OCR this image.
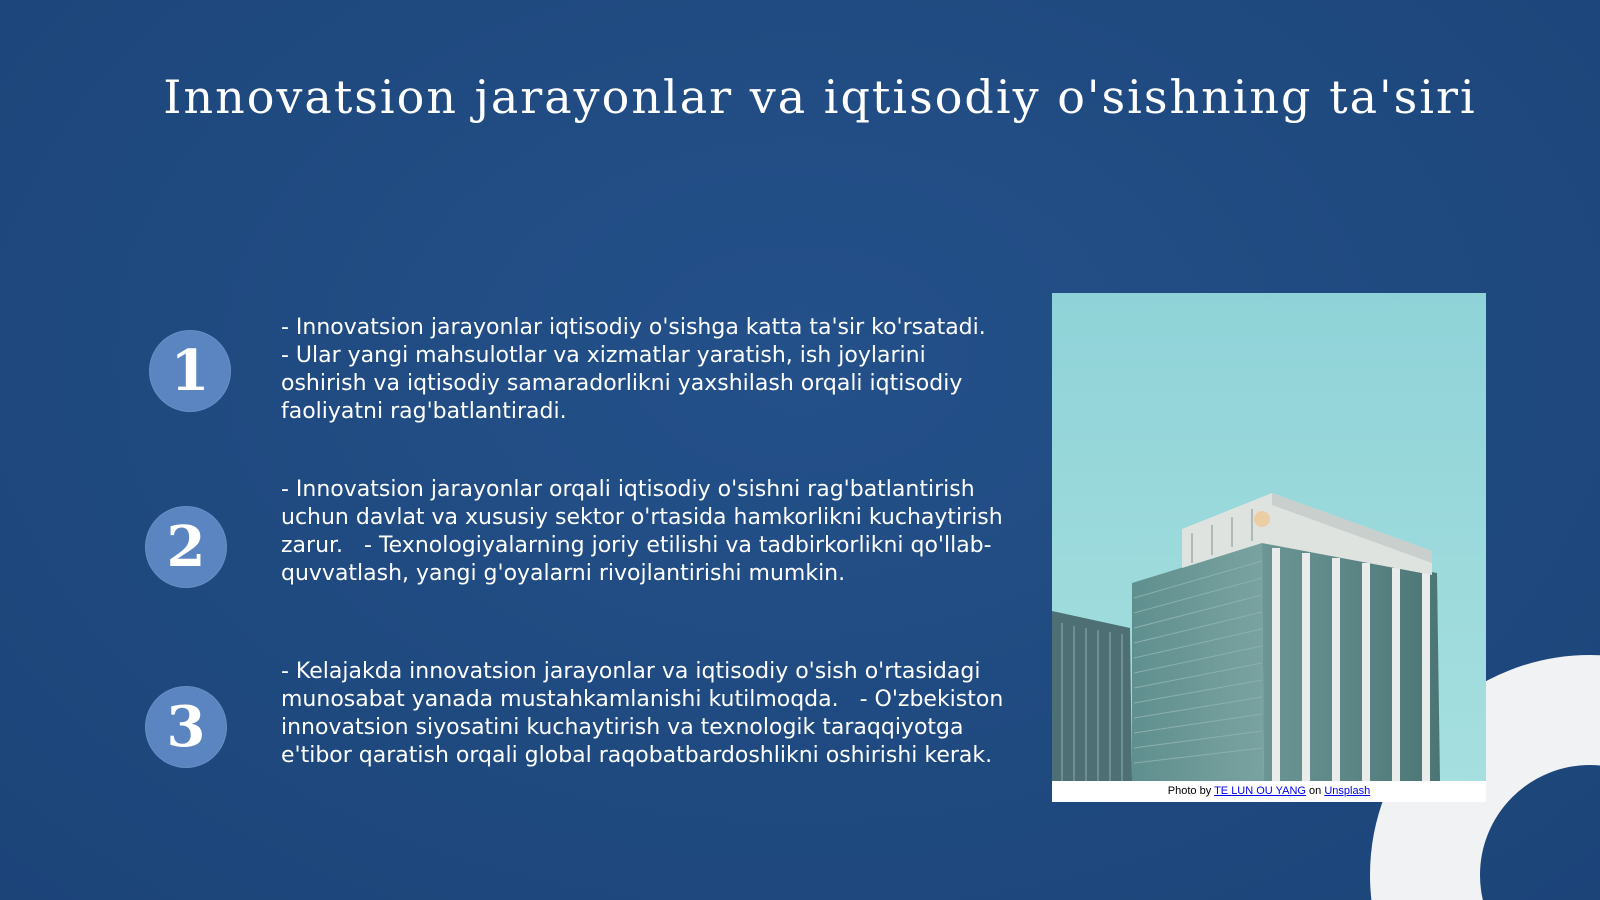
Innovatsion jarayonlar va iqtisodiy o'sishning ta'siri
1
- Innovatsion jarayonlar iqtisodiy o'sishga katta ta'sir ko'rsatadi.   - Ular yangi mahsulotlar va xizmatlar yaratish, ish joylarini oshirish va iqtisodiy samaradorlikni yaxshilash orqali iqtisodiy faoliyatni rag'batlantiradi.
2
- Innovatsion jarayonlar orqali iqtisodiy o'sishni rag'batlantirish uchun davlat va xususiy sektor o'rtasida hamkorlikni kuchaytirish zarur.   - Texnologiyalarning joriy etilishi va tadbirkorlikni qo'llab-quvvatlash, yangi g'oyalarni rivojlantirishi mumkin.
3
- Kelajakda innovatsion jarayonlar va iqtisodiy o'sish o'rtasidagi munosabat yanada mustahkamlanishi kutilmoqda.   - O'zbekiston innovatsion siyosatini kuchaytirish va texnologik taraqqiyotga e'tibor qaratish orqali global raqobatbardoshlikni oshirishi kerak.
Photo by TE LUN OU YANG on Unsplash
